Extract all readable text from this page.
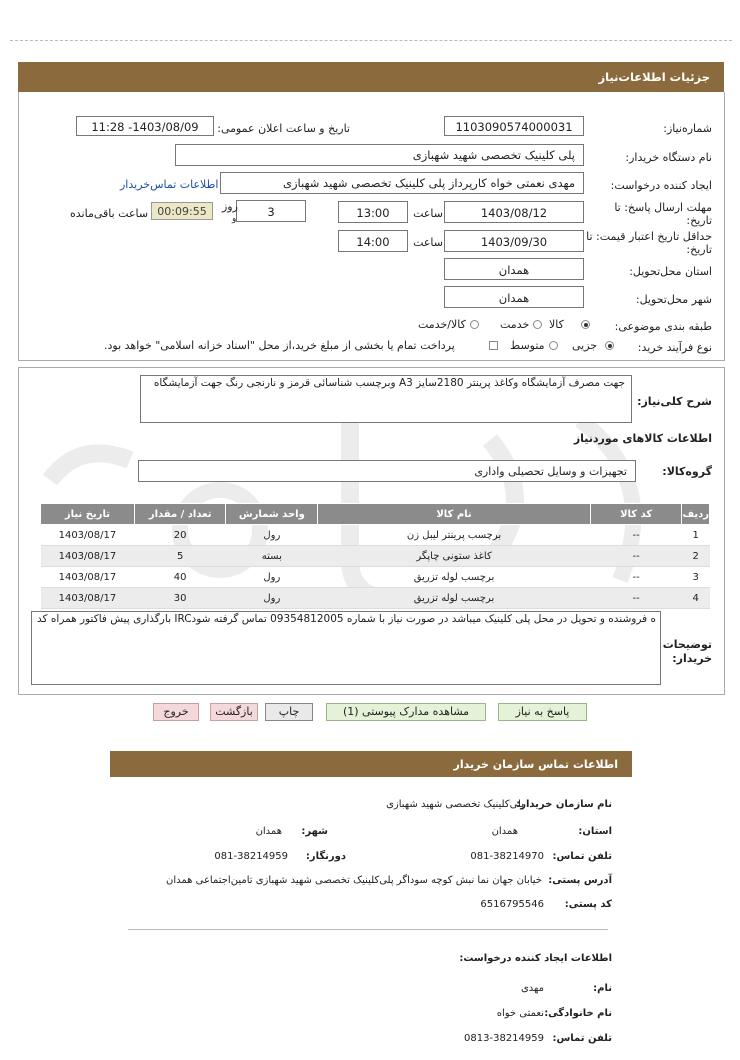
جزئیات اطلاعات‌نیاز
شماره‌نیاز:
1103090574000031
تاریخ و ساعت اعلان عمومی:
1403/08/09- 11:28
نام دستگاه خریدار:
پلی کلینیک تخصصی شهید شهبازی
ایجاد کننده درخواست:
مهدی نعمتی خواه کارپرداز پلی کلینیک تخصصی شهید شهبازی
اطلاعات تماس‌خریدار
مهلت ارسال پاسخ: تا
تاریخ:
1403/08/12
ساعت
13:00
3
روز
و
00:09:55
ساعت باقی‌مانده
حداقل تاریخ اعتبار قیمت: تا
تاریخ:
1403/09/30
ساعت
14:00
استان محل‌تحویل:
همدان
شهر محل‌تحویل:
همدان
طبقه بندی موضوعی:
کالا
خدمت
کالا/خدمت
نوع فرآیند خرید:
جزیی
متوسط
پرداخت تمام یا بخشی از مبلغ خرید،از محل "اسناد خزانه اسلامی" خواهد بود.
شرح کلی‌نیاز:
جهت مصرف آزمایشگاه وکاغذ پرینتر 2180سایز A3 وبرچسب شناسائی قرمز و نارنجی رنگ جهت آزمایشگاه
اطلاعات کالاهای موردنیاز
گروه‌کالا:
تجهیزات و وسایل تحصیلی واداری
ردیف	کد کالا	نام کالا	واحد شمارش	تعداد / مقدار	تاریخ نیاز
1	--	برچسب پرینتر لیبل زن	رول	20	1403/08/17
2	--	کاغذ ستونی چاپگر	بسته	5	1403/08/17
3	--	برچسب لوله تزریق	رول	40	1403/08/17
4	--	برچسب لوله تزریق	رول	30	1403/08/17
ه فروشنده و تحویل در محل پلی کلینیک میباشد در صورت نیاز با شماره 09354812005 تماس گرفته شودIRC بارگذاری پیش فاکتور همراه کد
توضیحات
خریدار:
پاسخ به نیاز
مشاهده مدارک پیوستی (1)
چاپ
بازگشت
خروج
اطلاعات تماس سازمان خریدار
نام سازمان خریدار:
پلی‌کلینیک تخصصی شهید شهبازی
استان:
همدان
شهر:
همدان
تلفن تماس:
081-38214970
دورنگار:
081-38214959
آدرس پستی:
خیابان جهان نما نبش کوچه سوداگر پلی‌کلینیک تخصصی شهید شهبازی تامین‌اجتماعی همدان
کد پستی:
6516795546
اطلاعات ایجاد کننده درخواست:
نام:
مهدی
نام خانوادگی:
نعمتی خواه
تلفن تماس:
0813-38214959
